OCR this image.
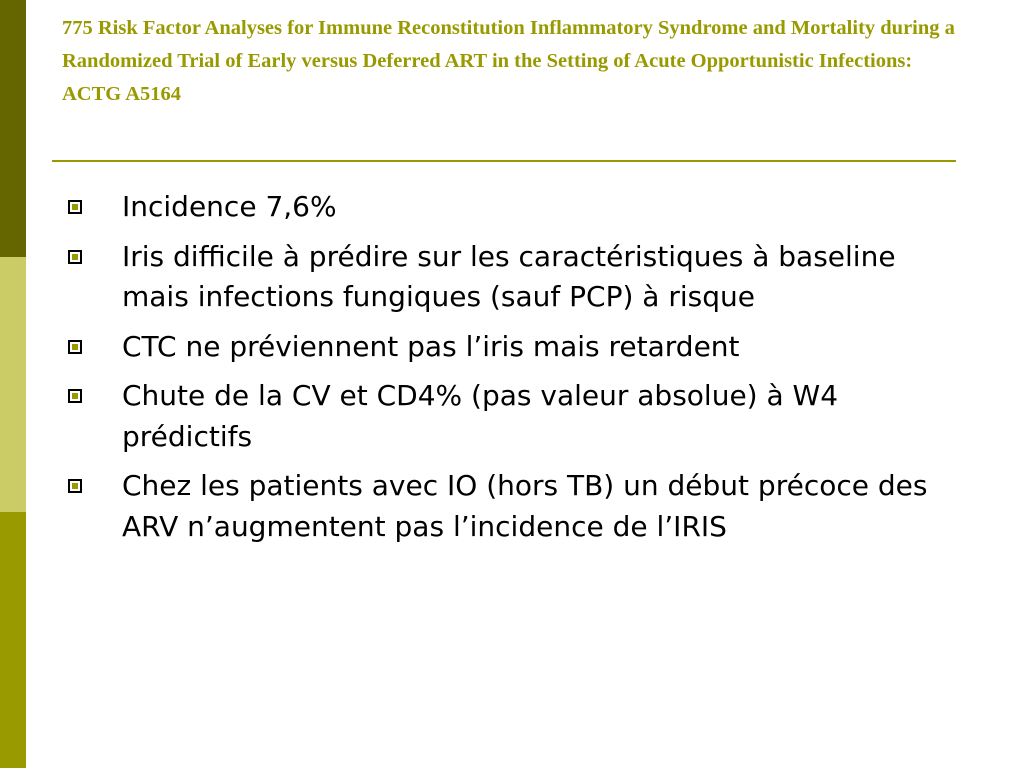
775 Risk Factor Analyses for Immune Reconstitution Inflammatory Syndrome and Mortality during a Randomized Trial of Early versus Deferred ART in the Setting of Acute Opportunistic Infections: ACTG A5164
Incidence 7,6%
Iris difficile à prédire sur les caractéristiques à baseline mais infections fungiques (sauf PCP) à risque
CTC ne préviennent pas l’iris mais retardent
Chute de la CV et CD4% (pas valeur absolue) à W4 prédictifs
Chez les patients avec IO (hors TB) un début précoce des ARV n’augmentent pas l’incidence de l’IRIS
